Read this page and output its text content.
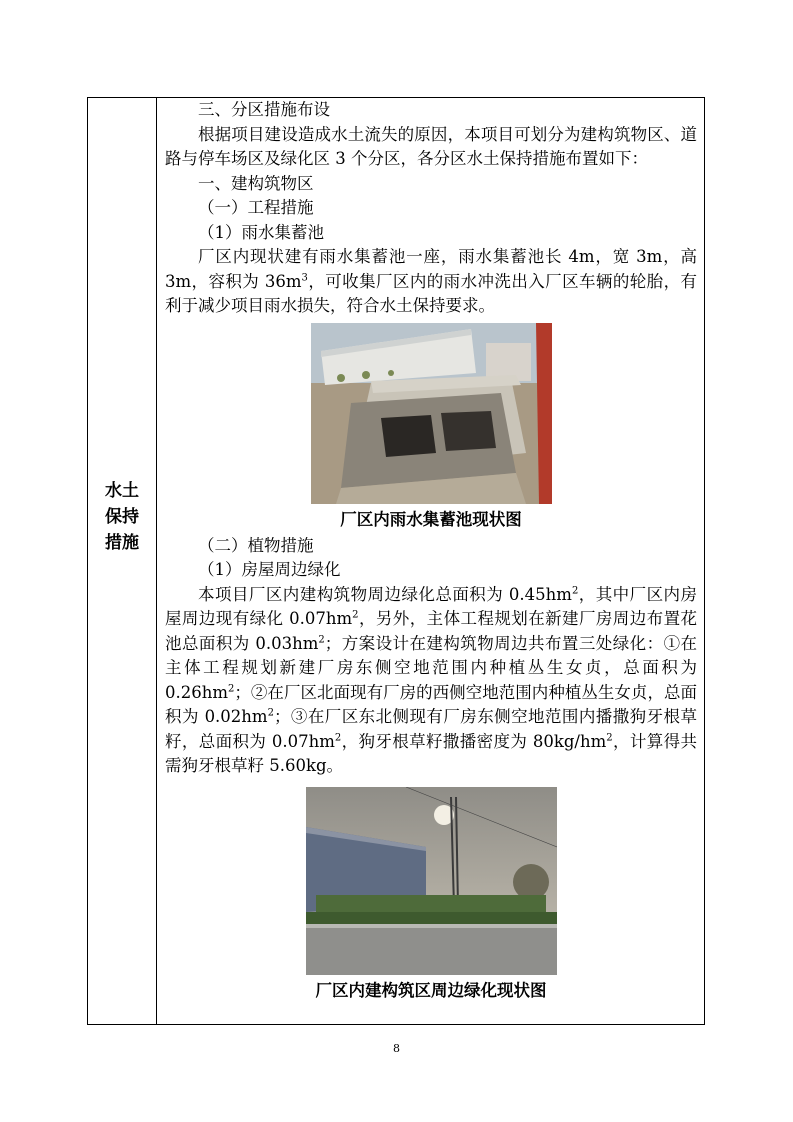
水土
保持
措施

三、分区措施布设

根据项目建设造成水土流失的原因，本项目可划分为建构筑物区、道路与停车场区及绿化区 3 个分区，各分区水土保持措施布置如下：

一、建构筑物区

（一）工程措施

（1）雨水集蓄池

厂区内现状建有雨水集蓄池一座，雨水集蓄池长 4m，宽 3m，高 3m，容积为 $36m^3$，可收集厂区内的雨水冲洗出入厂区车辆的轮胎，有利于减少项目雨水损失，符合水土保持要求。

厂区内雨水集蓄池现状图

（二）植物措施

（1）房屋周边绿化

本项目厂区内建构筑物周边绿化总面积为 $0.45hm^2$，其中厂区内房屋周边现有绿化 $0.07hm^2$，另外，主体工程规划在新建厂房周边布置花池总面积为 $0.03hm^2$；方案设计在建构筑物周边共布置三处绿化：①在主体工程规划新建厂房东侧空地范围内种植丛生女贞，总面积为 $0.26hm^2$；②在厂区北面现有厂房的西侧空地范围内种植丛生女贞，总面积为 $0.02hm^2$；③在厂区东北侧现有厂房东侧空地范围内播撒狗牙根草籽，总面积为 $0.07hm^2$，狗牙根草籽撒播密度为 $80kg/hm^2$，计算得共需狗牙根草籽 5.60kg。

厂区内建构筑区周边绿化现状图

8
